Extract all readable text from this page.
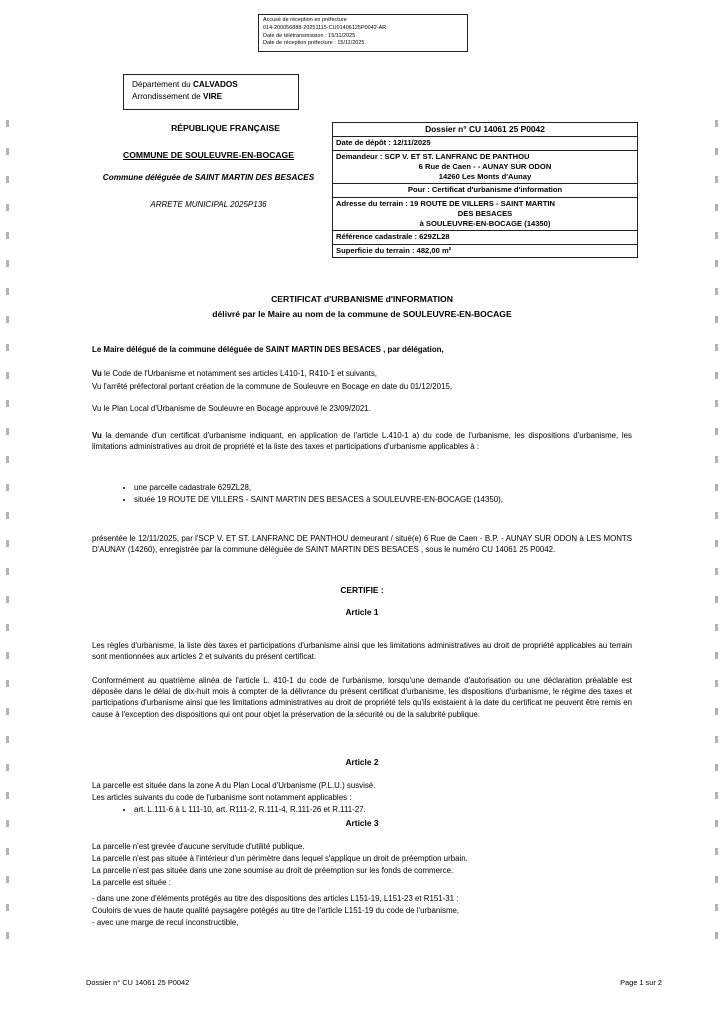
Accusé de réception en préfecture
014-200056888-20251115-CU01406125P0042-AR
Date de télétransmission : 15/11/2025
Date de réception préfecture : 15/11/2025
Département du CALVADOS
Arrondissement de VIRE
RÉPUBLIQUE FRANÇAISE
COMMUNE DE SOULEUVRE-EN-BOCAGE
Commune déléguée de SAINT MARTIN DES BESACES
ARRETE MUNICIPAL 2025P136
Dossier n° CU 14061 25 P0042
Date de dépôt : 12/11/2025
Demandeur : SCP V. ET ST. LANFRANC DE PANTHOU
6 Rue de Caen - - AUNAY SUR ODON
14260 Les Monts d'Aunay
Pour : Certificat d'urbanisme d'information
Adresse du terrain : 19 ROUTE DE VILLERS - SAINT MARTIN
DES BESACES
à SOULEUVRE-EN-BOCAGE (14350)
Référence cadastrale : 629ZL28
Superficie du terrain : 482,00 m²
CERTIFICAT d'URBANISME d'INFORMATION
délivré par le Maire au nom de la commune de SOULEUVRE-EN-BOCAGE
Le Maire délégué de la commune déléguée de SAINT MARTIN DES BESACES , par délégation,
Vu le Code de l'Urbanisme et notamment ses articles L410-1, R410-1 et suivants,
Vu l'arrêté préfectoral portant création de la commune de Souleuvre en Bocage en date du 01/12/2015,
Vu le Plan Local d'Urbanisme de Souleuvre en Bocage approuvé le 23/09/2021.
Vu la demande d'un certificat d'urbanisme indiquant, en application de l'article L.410-1 a) du code de l'urbanisme, les dispositions d'urbanisme, les limitations administratives au droit de propriété et la liste des taxes et participations d'urbanisme applicables à :
• une parcelle cadastrale 629ZL28,
• située 19 ROUTE DE VILLERS - SAINT MARTIN DES BESACES à SOULEUVRE-EN-BOCAGE (14350),
présentée le 12/11/2025, par l'SCP V. ET ST. LANFRANC DE PANTHOU demeurant / situé(e) 6 Rue de Caen - B.P. - AUNAY SUR ODON à LES MONTS D'AUNAY (14260), enregistrée par la commune déléguée de SAINT MARTIN DES BESACES , sous le numéro CU 14061 25 P0042.
CERTIFIE :
Article 1
Les règles d'urbanisme, la liste des taxes et participations d'urbanisme ainsi que les limitations administratives au droit de propriété applicables au terrain sont mentionnées aux articles 2 et suivants du présent certificat.
Conformément au quatrième alinéa de l'article L. 410-1 du code de l'urbanisme, lorsqu'une demande d'autorisation ou une déclaration préalable est déposée dans le délai de dix-huit mois à compter de la délivrance du présent certificat d'urbanisme, les dispositions d'urbanisme, le régime des taxes et participations d'urbanisme ainsi que les limitations administratives au droit de propriété tels qu'ils existaient à la date du certificat ne peuvent être remis en cause à l'exception des dispositions qui ont pour objet la préservation de la sécurité ou de la salubrité publique.
Article 2
La parcelle est située dans la zone A du Plan Local d'Urbanisme (P.L.U.) susvisé.
Les articles suivants du code de l'urbanisme sont notamment applicables :
• art. L.111-6 à L 111-10, art. R111-2, R.111-4, R.111-26 et R.111-27.
Article 3
La parcelle n'est grevée d'aucune servitude d'utilité publique.
La parcelle n'est pas située à l'intérieur d'un périmètre dans lequel s'applique un droit de préemption urbain.
La parcelle n'est pas située dans une zone soumise au droit de préemption sur les fonds de commerce.
La parcelle est située :
- dans une zone d'éléments protégés au titre des dispositions des articles L151-19, L151-23 et R151-31 :
Couloirs de vues de haute qualité paysagère potégés au titre de l'article L151-19 du code de l'urbanisme,
- avec une marge de recul inconstructible,
Dossier n° CU 14061 25 P0042	Page 1 sur 2
